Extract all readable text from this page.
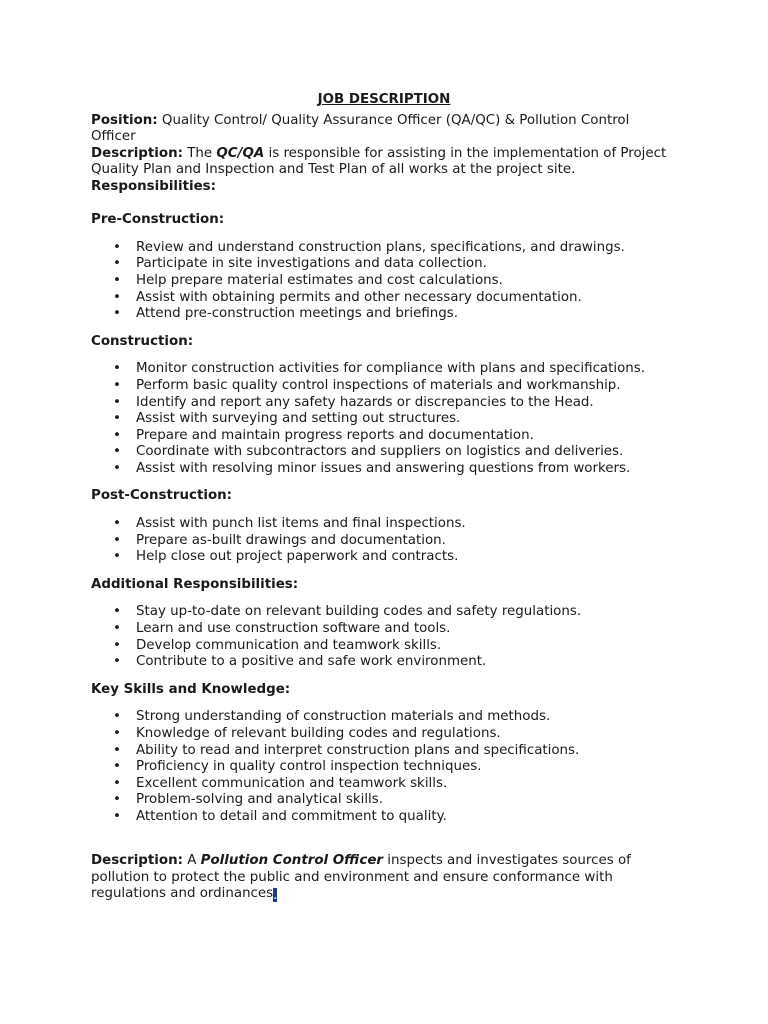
JOB DESCRIPTION

Position: Quality Control/ Quality Assurance Officer (QA/QC) & Pollution Control Officer

Description: The QC/QA is responsible for assisting in the implementation of Project Quality Plan and Inspection and Test Plan of all works at the project site.

Responsibilities:

Pre-Construction:

• Review and understand construction plans, specifications, and drawings.
• Participate in site investigations and data collection.
• Help prepare material estimates and cost calculations.
• Assist with obtaining permits and other necessary documentation.
• Attend pre-construction meetings and briefings.

Construction:

• Monitor construction activities for compliance with plans and specifications.
• Perform basic quality control inspections of materials and workmanship.
• Identify and report any safety hazards or discrepancies to the Head.
• Assist with surveying and setting out structures.
• Prepare and maintain progress reports and documentation.
• Coordinate with subcontractors and suppliers on logistics and deliveries.
• Assist with resolving minor issues and answering questions from workers.

Post-Construction:

• Assist with punch list items and final inspections.
• Prepare as-built drawings and documentation.
• Help close out project paperwork and contracts.

Additional Responsibilities:

• Stay up-to-date on relevant building codes and safety regulations.
• Learn and use construction software and tools.
• Develop communication and teamwork skills.
• Contribute to a positive and safe work environment.

Key Skills and Knowledge:

• Strong understanding of construction materials and methods.
• Knowledge of relevant building codes and regulations.
• Ability to read and interpret construction plans and specifications.
• Proficiency in quality control inspection techniques.
• Excellent communication and teamwork skills.
• Problem-solving and analytical skills.
• Attention to detail and commitment to quality.

Description: A Pollution Control Officer inspects and investigates sources of pollution to protect the public and environment and ensure conformance with regulations and ordinances.
